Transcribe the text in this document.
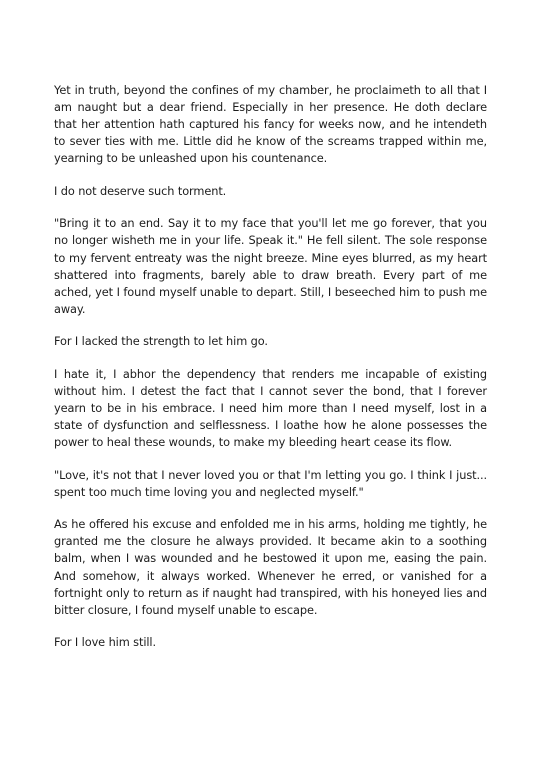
Yet in truth, beyond the confines of my chamber, he proclaimeth to all that I am naught but a dear friend. Especially in her presence. He doth declare that her attention hath captured his fancy for weeks now, and he intendeth to sever ties with me. Little did he know of the screams trapped within me, yearning to be unleashed upon his countenance.

I do not deserve such torment.

"Bring it to an end. Say it to my face that you'll let me go forever, that you no longer wisheth me in your life. Speak it." He fell silent. The sole response to my fervent entreaty was the night breeze. Mine eyes blurred, as my heart shattered into fragments, barely able to draw breath. Every part of me ached, yet I found myself unable to depart. Still, I beseeched him to push me away.

For I lacked the strength to let him go.

I hate it, I abhor the dependency that renders me incapable of existing without him. I detest the fact that I cannot sever the bond, that I forever yearn to be in his embrace. I need him more than I need myself, lost in a state of dysfunction and selflessness. I loathe how he alone possesses the power to heal these wounds, to make my bleeding heart cease its flow.

"Love, it's not that I never loved you or that I'm letting you go. I think I just... spent too much time loving you and neglected myself."

As he offered his excuse and enfolded me in his arms, holding me tightly, he granted me the closure he always provided. It became akin to a soothing balm, when I was wounded and he bestowed it upon me, easing the pain. And somehow, it always worked. Whenever he erred, or vanished for a fortnight only to return as if naught had transpired, with his honeyed lies and bitter closure, I found myself unable to escape.

For I love him still.
